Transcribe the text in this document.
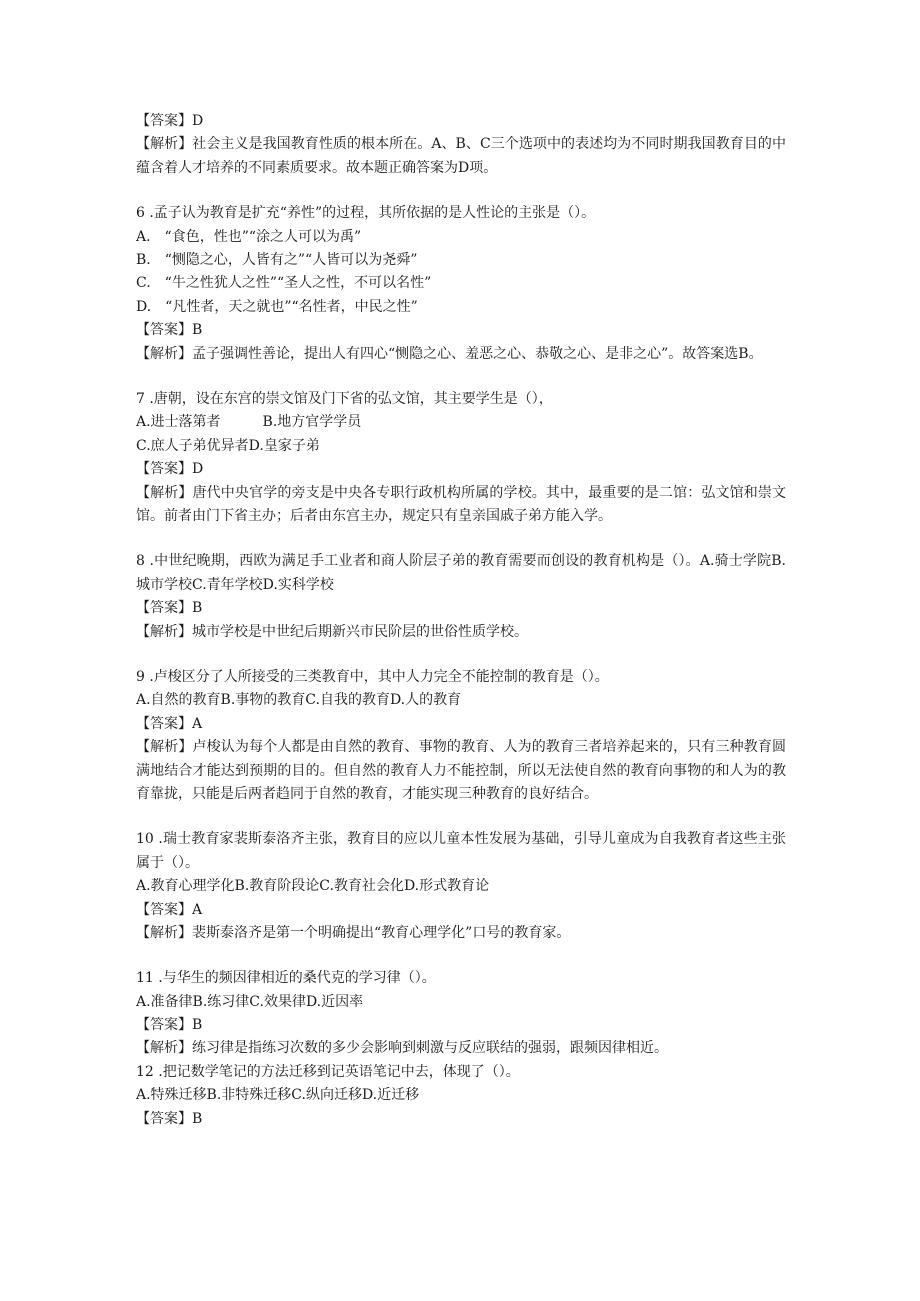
【答案】D
【解析】社会主义是我国教育性质的根本所在。A、B、C三个选项中的表述均为不同时期我国教育目的中蕴含着人才培养的不同素质要求。故本题正确答案为D项。
6 .孟子认为教育是扩充“养性”的过程，其所依据的是人性论的主张是（）。
A.　“食色，性也”“涂之人可以为禹”
B.　“恻隐之心，人皆有之”“人皆可以为尧舜”
C.　“牛之性犹人之性”“圣人之性，不可以名性”
D.　“凡性者，天之就也”“名性者，中民之性”
【答案】B
【解析】孟子强调性善论，提出人有四心“恻隐之心、羞恶之心、恭敬之心、是非之心”。故答案选B。
7 .唐朝，设在东宫的崇文馆及门下省的弘文馆，其主要学生是（），
A.进士落第者　　　B.地方官学学员
C.庶人子弟优异者D.皇家子弟
【答案】D
【解析】唐代中央官学的旁支是中央各专职行政机构所属的学校。其中，最重要的是二馆：弘文馆和崇文馆。前者由门下省主办；后者由东宫主办，规定只有皇亲国戚子弟方能入学。
8 .中世纪晚期，西欧为满足手工业者和商人阶层子弟的教育需要而创设的教育机构是（）。A.骑士学院B.城市学校C.青年学校D.实科学校
【答案】B
【解析】城市学校是中世纪后期新兴市民阶层的世俗性质学校。
9 .卢梭区分了人所接受的三类教育中，其中人力完全不能控制的教育是（）。
A.自然的教育B.事物的教育C.自我的教育D.人的教育
【答案】A
【解析】卢梭认为每个人都是由自然的教育、事物的教育、人为的教育三者培养起来的，只有三种教育圆满地结合才能达到预期的目的。但自然的教育人力不能控制，所以无法使自然的教育向事物的和人为的教育靠拢，只能是后两者趋同于自然的教育，才能实现三种教育的良好结合。
10 .瑞士教育家裴斯泰洛齐主张，教育目的应以儿童本性发展为基础，引导儿童成为自我教育者这些主张属于（）。
A.教育心理学化B.教育阶段论C.教育社会化D.形式教育论
【答案】A
【解析】裴斯泰洛齐是第一个明确提出“教育心理学化”口号的教育家。
11 .与华生的频因律相近的桑代克的学习律（）。
A.准备律B.练习律C.效果律D.近因率
【答案】B
【解析】练习律是指练习次数的多少会影响到刺激与反应联结的强弱，跟频因律相近。
12 .把记数学笔记的方法迁移到记英语笔记中去，体现了（）。
A.特殊迁移B.非特殊迁移C.纵向迁移D.近迁移
【答案】B
